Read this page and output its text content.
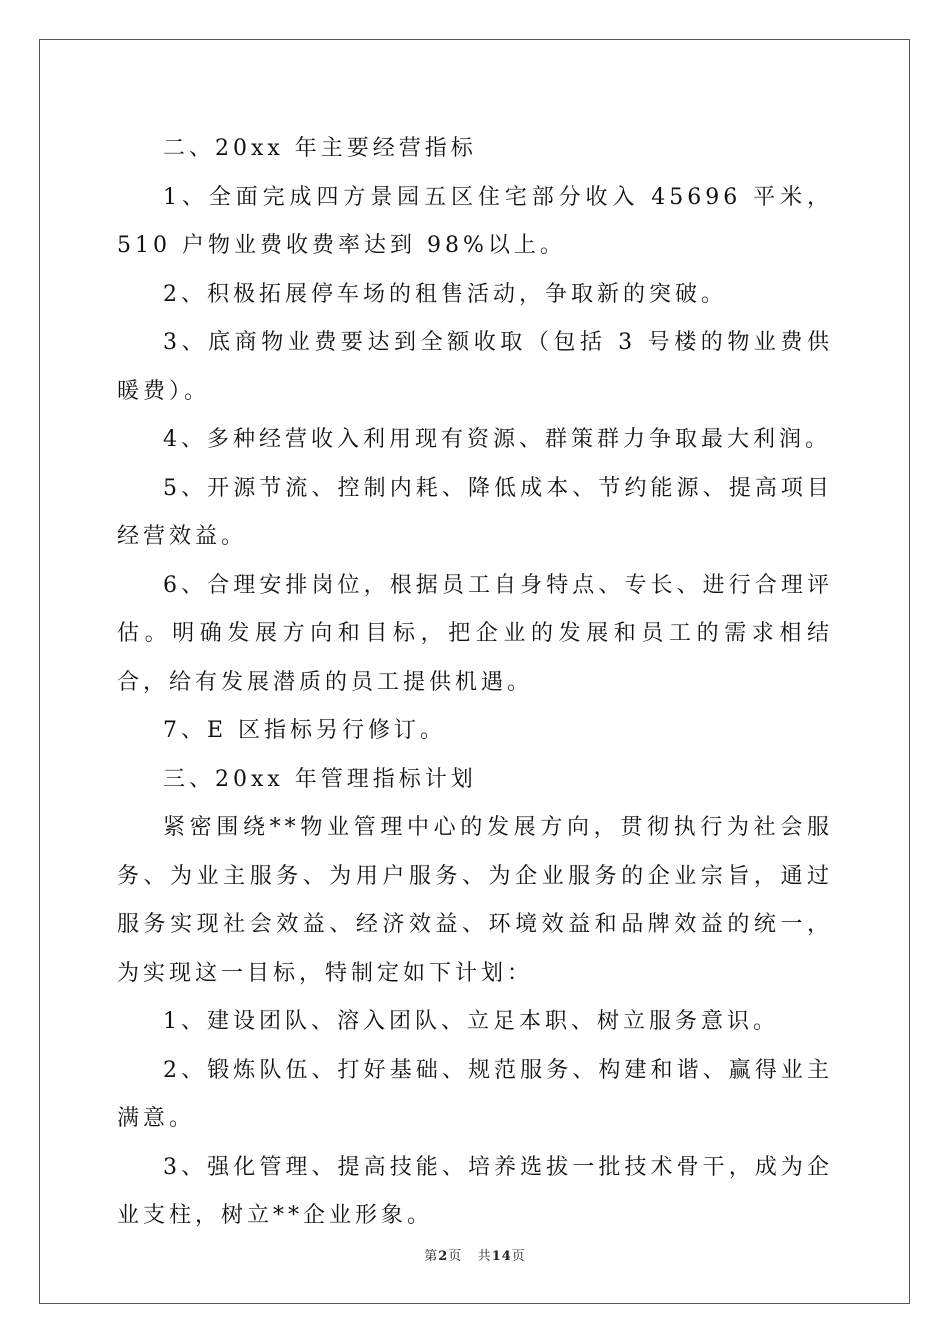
二、20xx 年主要经营指标

1、全面完成四方景园五区住宅部分收入 45696 平米，510 户物业费收费率达到 98%以上。

2、积极拓展停车场的租售活动，争取新的突破。

3、底商物业费要达到全额收取（包括 3 号楼的物业费供暖费）。

4、多种经营收入利用现有资源、群策群力争取最大利润。

5、开源节流、控制内耗、降低成本、节约能源、提高项目经营效益。

6、合理安排岗位，根据员工自身特点、专长、进行合理评估。明确发展方向和目标，把企业的发展和员工的需求相结合，给有发展潜质的员工提供机遇。

7、E 区指标另行修订。

三、20xx 年管理指标计划

紧密围绕**物业管理中心的发展方向，贯彻执行为社会服务、为业主服务、为用户服务、为企业服务的企业宗旨，通过服务实现社会效益、经济效益、环境效益和品牌效益的统一，为实现这一目标，特制定如下计划：

1、建设团队、溶入团队、立足本职、树立服务意识。

2、锻炼队伍、打好基础、规范服务、构建和谐、赢得业主满意。

3、强化管理、提高技能、培养选拔一批技术骨干，成为企业支柱，树立**企业形象。

第2页 共14页
